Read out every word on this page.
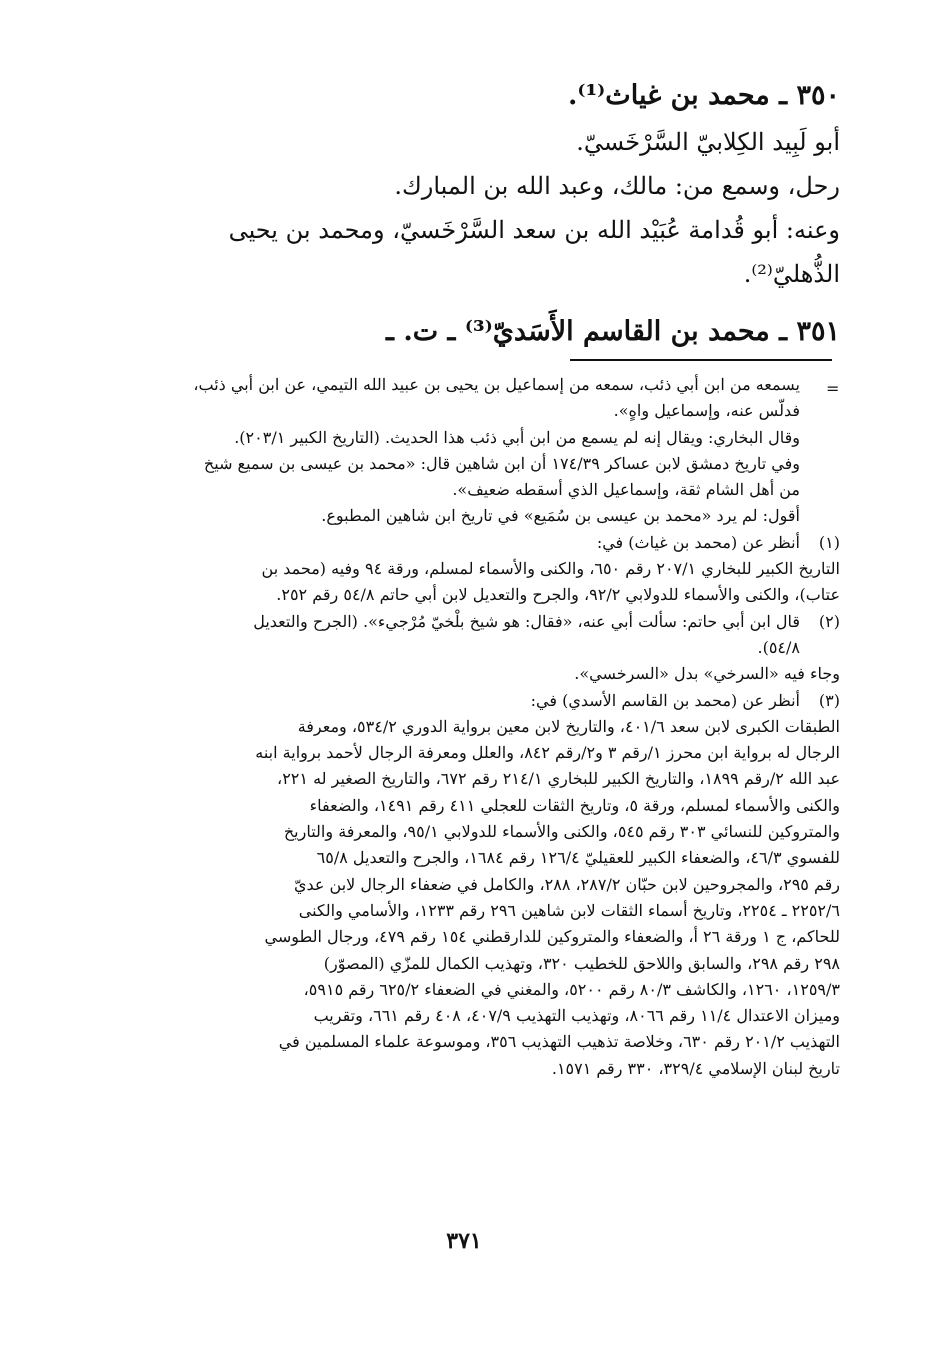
٣٥٠ ـ محمد بن غياث⁽¹⁾.

أبو لَبِيد الكِلابيّ السَّرْخَسيّ.

رحل، وسمع من: مالك، وعبد الله بن المبارك.

وعنه: أبو قُدامة عُبَيْد الله بن سعد السَّرْخَسيّ، ومحمد بن يحيى

الذُّهليّ⁽²⁾.

٣٥١ ـ محمد بن القاسم الأَسَديّ⁽³⁾ ـ ت. ـ

=

يسمعه من ابن أبي ذئب، سمعه من إسماعيل بن يحيى بن عبيد الله التيمي، عن ابن أبي ذئب،

فدلّس عنه، وإسماعيل واهٍ».

وقال البخاري: ويقال إنه لم يسمع من ابن أبي ذئب هذا الحديث. (التاريخ الكبير ٢٠٣/١).

وفي تاريخ دمشق لابن عساكر ١٧٤/٣٩ أن ابن شاهين قال: «محمد بن عيسى بن سميع شيخ

من أهل الشام ثقة، وإسماعيل الذي أسقطه ضعيف».

أقول: لم يرد «محمد بن عيسى بن سُمَيع» في تاريخ ابن شاهين المطبوع.

(١)
أنظر عن (محمد بن غياث) في:

التاريخ الكبير للبخاري ٢٠٧/١ رقم ٦٥٠، والكنى والأسماء لمسلم، ورقة ٩٤ وفيه (محمد بن

عتاب)، والكنى والأسماء للدولابي ٩٢/٢، والجرح والتعديل لابن أبي حاتم ٥٤/٨ رقم ٢٥٢.

(٢)
قال ابن أبي حاتم: سألت أبي عنه، «فقال: هو شيخ بلْخيّ مُرْجيء». (الجرح والتعديل

٥٤/٨).

وجاء فيه «السرخي» بدل «السرخسي».

(٣)
أنظر عن (محمد بن القاسم الأسدي) في:

الطبقات الكبرى لابن سعد ٤٠١/٦، والتاريخ لابن معين برواية الدوري ٥٣٤/٢، ومعرفة

الرجال له برواية ابن محرز ١/رقم ٣ و٢/رقم ٨٤٢، والعلل ومعرفة الرجال لأحمد برواية ابنه

عبد الله ٢/رقم ١٨٩٩، والتاريخ الكبير للبخاري ٢١٤/١ رقم ٦٧٢، والتاريخ الصغير له ٢٢١،

والكنى والأسماء لمسلم، ورقة ٥، وتاريخ الثقات للعجلي ٤١١ رقم ١٤٩١، والضعفاء

والمتروكين للنسائي ٣٠٣ رقم ٥٤٥، والكنى والأسماء للدولابي ٩٥/١، والمعرفة والتاريخ

للفسوي ٤٦/٣، والضعفاء الكبير للعقيليّ ١٢٦/٤ رقم ١٦٨٤، والجرح والتعديل ٦٥/٨

رقم ٢٩٥، والمجروحين لابن حبّان ٢٨٧/٢، ٢٨٨، والكامل في ضعفاء الرجال لابن عديّ

٢٢٥٢/٦ ـ ٢٢٥٤، وتاريخ أسماء الثقات لابن شاهين ٢٩٦ رقم ١٢٣٣، والأسامي والكنى

للحاكم، ج ١ ورقة ٢٦ أ، والضعفاء والمتروكين للدارقطني ١٥٤ رقم ٤٧٩، ورجال الطوسي

٢٩٨ رقم ٢٩٨، والسابق واللاحق للخطيب ٣٢٠، وتهذيب الكمال للمزّي (المصوّر)

١٢٥٩/٣، ١٢٦٠، والكاشف ٨٠/٣ رقم ٥٢٠٠، والمغني في الضعفاء ٦٢٥/٢ رقم ٥٩١٥،

وميزان الاعتدال ١١/٤ رقم ٨٠٦٦، وتهذيب التهذيب ٤٠٧/٩، ٤٠٨ رقم ٦٦١، وتقريب

التهذيب ٢٠١/٢ رقم ٦٣٠، وخلاصة تذهيب التهذيب ٣٥٦، وموسوعة علماء المسلمين في

تاريخ لبنان الإسلامي ٣٢٩/٤، ٣٣٠ رقم ١٥٧١.

٣٧١
